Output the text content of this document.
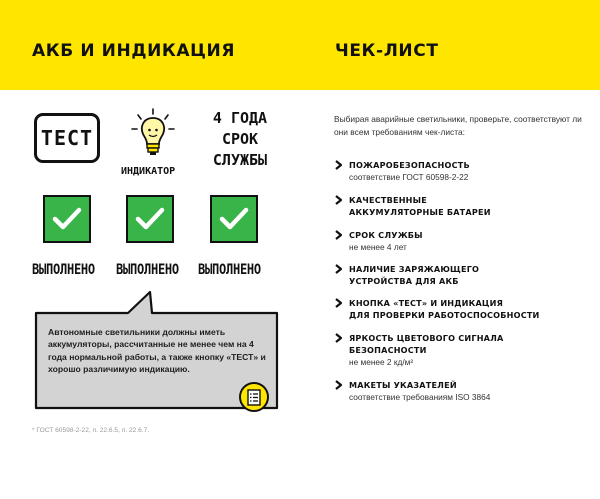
АКБ И ИНДИКАЦИЯ	ЧЕК-ЛИСТ
ТЕСТ
ИНДИКАТОР
4 ГОДА
СРОК
СЛУЖБЫ
ВЫПОЛНЕНО ВЫПОЛНЕНО ВЫПОЛНЕНО
Автономные светильники должны иметь аккумуляторы, рассчитанные не менее чем на 4 года нормальной работы, а также кнопку «ТЕСТ» и хорошо различимую индикацию.
* ГОСТ 60598-2-22, п. 22.6.5, п. 22.6.7.
Выбирая аварийные светильники, проверьте, соответствуют ли они всем требованиям чек-листа:
ПОЖАРОБЕЗОПАСНОСТЬ
соответствие ГОСТ 60598-2-22
КАЧЕСТВЕННЫЕ
АККУМУЛЯТОРНЫЕ БАТАРЕИ
СРОК СЛУЖБЫ
не менее 4 лет
НАЛИЧИЕ ЗАРЯЖАЮЩЕГО
УСТРОЙСТВА ДЛЯ АКБ
КНОПКА «ТЕСТ» И ИНДИКАЦИЯ
ДЛЯ ПРОВЕРКИ РАБОТОСПОСОБНОСТИ
ЯРКОСТЬ ЦВЕТОВОГО СИГНАЛА
БЕЗОПАСНОСТИ
не менее 2 кд/м²
МАКЕТЫ УКАЗАТЕЛЕЙ
соответствие требованиям ISO 3864
